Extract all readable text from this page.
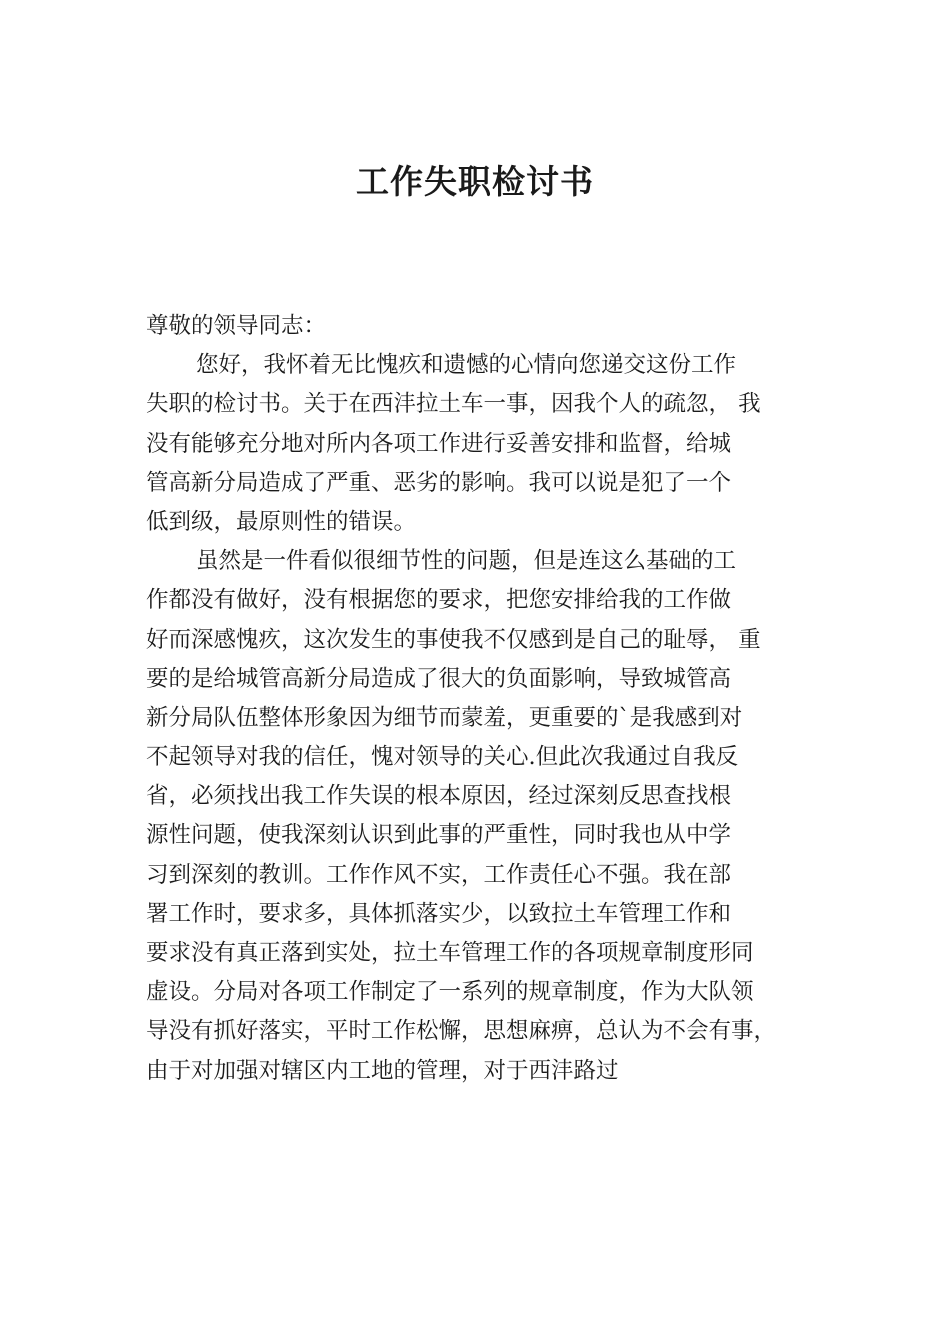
工作失职检讨书
尊敬的领导同志：
您好，我怀着无比愧疚和遗憾的心情向您递交这份工作
失职的检讨书。关于在西沣拉土车一事，因我个人的疏忽， 我
没有能够充分地对所内各项工作进行妥善安排和监督，给城
管高新分局造成了严重、恶劣的影响。我可以说是犯了一个
低到级，最原则性的错误。
虽然是一件看似很细节性的问题，但是连这么基础的工
作都没有做好，没有根据您的要求，把您安排给我的工作做
好而深感愧疚，这次发生的事使我不仅感到是自己的耻辱， 重
要的是给城管高新分局造成了很大的负面影响，导致城管高
新分局队伍整体形象因为细节而蒙羞，更重要的`是我感到对
不起领导对我的信任，愧对领导的关心.但此次我通过自我反
省，必须找出我工作失误的根本原因，经过深刻反思查找根
源性问题，使我深刻认识到此事的严重性，同时我也从中学
习到深刻的教训。工作作风不实，工作责任心不强。我在部
署工作时，要求多，具体抓落实少，以致拉土车管理工作和
要求没有真正落到实处，拉土车管理工作的各项规章制度形同
虚设。分局对各项工作制定了一系列的规章制度，作为大队领
导没有抓好落实，平时工作松懈，思想麻痹，总认为不会有事，
由于对加强对辖区内工地的管理，对于西沣路过
